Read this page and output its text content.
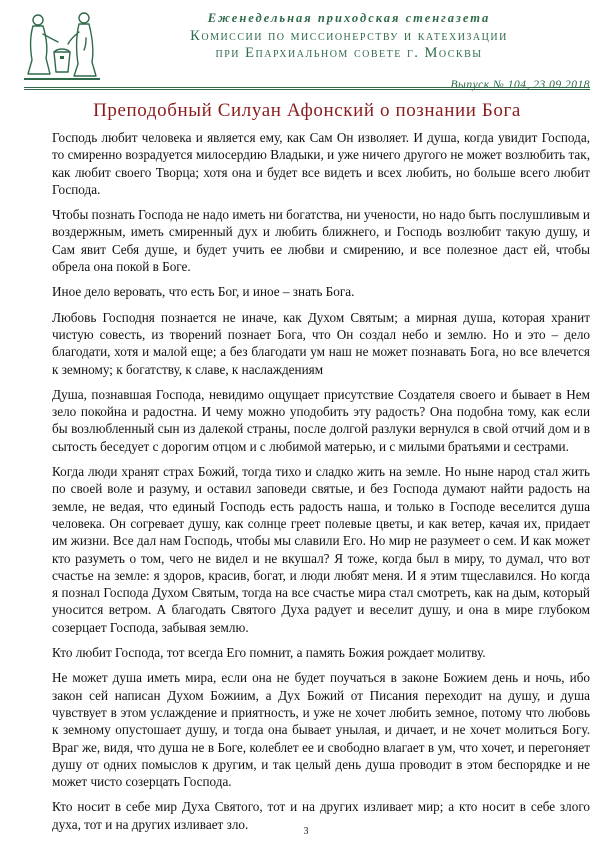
Еженедельная приходская стенгазета
Комиссии по миссионерству и катехизации
при Епархиальном совете г. Москвы
Выпуск № 104, 23.09.2018
Преподобный Силуан Афонский о познании Бога

Господь любит человека и является ему, как Сам Он изволяет. И душа, когда увидит Господа, то смиренно возрадуется милосердию Владыки, и уже ничего другого не может возлюбить так, как любит своего Творца; хотя она и будет все видеть и всех любить, но больше всего любит Господа.

Чтобы познать Господа не надо иметь ни богатства, ни учености, но надо быть послушливым и воздержным, иметь смиренный дух и любить ближнего, и Господь возлюбит такую душу, и Сам явит Себя душе, и будет учить ее любви и смирению, и все полезное даст ей, чтобы обрела она покой в Боге.

Иное дело веровать, что есть Бог, и иное – знать Бога.

Любовь Господня познается не иначе, как Духом Святым; а мирная душа, которая хранит чистую совесть, из творений познает Бога, что Он создал небо и землю. Но и это – дело благодати, хотя и малой еще; а без благодати ум наш не может познавать Бога, но все влечется к земному; к богатству, к славе, к наслаждениям

Душа, познавшая Господа, невидимо ощущает присутствие Создателя своего и бывает в Нем зело покойна и радостна. И чему можно уподобить эту радость? Она подобна тому, как если бы возлюбленный сын из далекой страны, после долгой разлуки вернулся в свой отчий дом и в сытость беседует с дорогим отцом и с любимой матерью, и с милыми братьями и сестрами.

Когда люди хранят страх Божий, тогда тихо и сладко жить на земле. Но ныне народ стал жить по своей воле и разуму, и оставил заповеди святые, и без Господа думают найти радость на земле, не ведая, что единый Господь есть радость наша, и только в Господе веселится душа человека. Он согревает душу, как солнце греет полевые цветы, и как ветер, качая их, придает им жизни. Все дал нам Господь, чтобы мы славили Его. Но мир не разумеет о сем. И как может кто разуметь о том, чего не видел и не вкушал? Я тоже, когда был в миру, то думал, что вот счастье на земле: я здоров, красив, богат, и люди любят меня. И я этим тщеславился. Но когда я познал Господа Духом Святым, тогда на все счастье мира стал смотреть, как на дым, который уносится ветром. А благодать Святого Духа радует и веселит душу, и она в мире глубоком созерцает Господа, забывая землю.

Кто любит Господа, тот всегда Его помнит, а память Божия рождает молитву.

Не может душа иметь мира, если она не будет поучаться в законе Божием день и ночь, ибо закон сей написан Духом Божиим, а Дух Божий от Писания переходит на душу, и душа чувствует в этом услаждение и приятность, и уже не хочет любить земное, потому что любовь к земному опустошает душу, и тогда она бывает унылая, и дичает, и не хочет молиться Богу. Враг же, видя, что душа не в Боге, колеблет ее и свободно влагает в ум, что хочет, и перегоняет душу от одних помыслов к другим, и так целый день душа проводит в этом беспорядке и не может чисто созерцать Господа.

Кто носит в себе мир Духа Святого, тот и на других изливает мир; а кто носит в себе злого духа, тот и на других изливает зло.	3
